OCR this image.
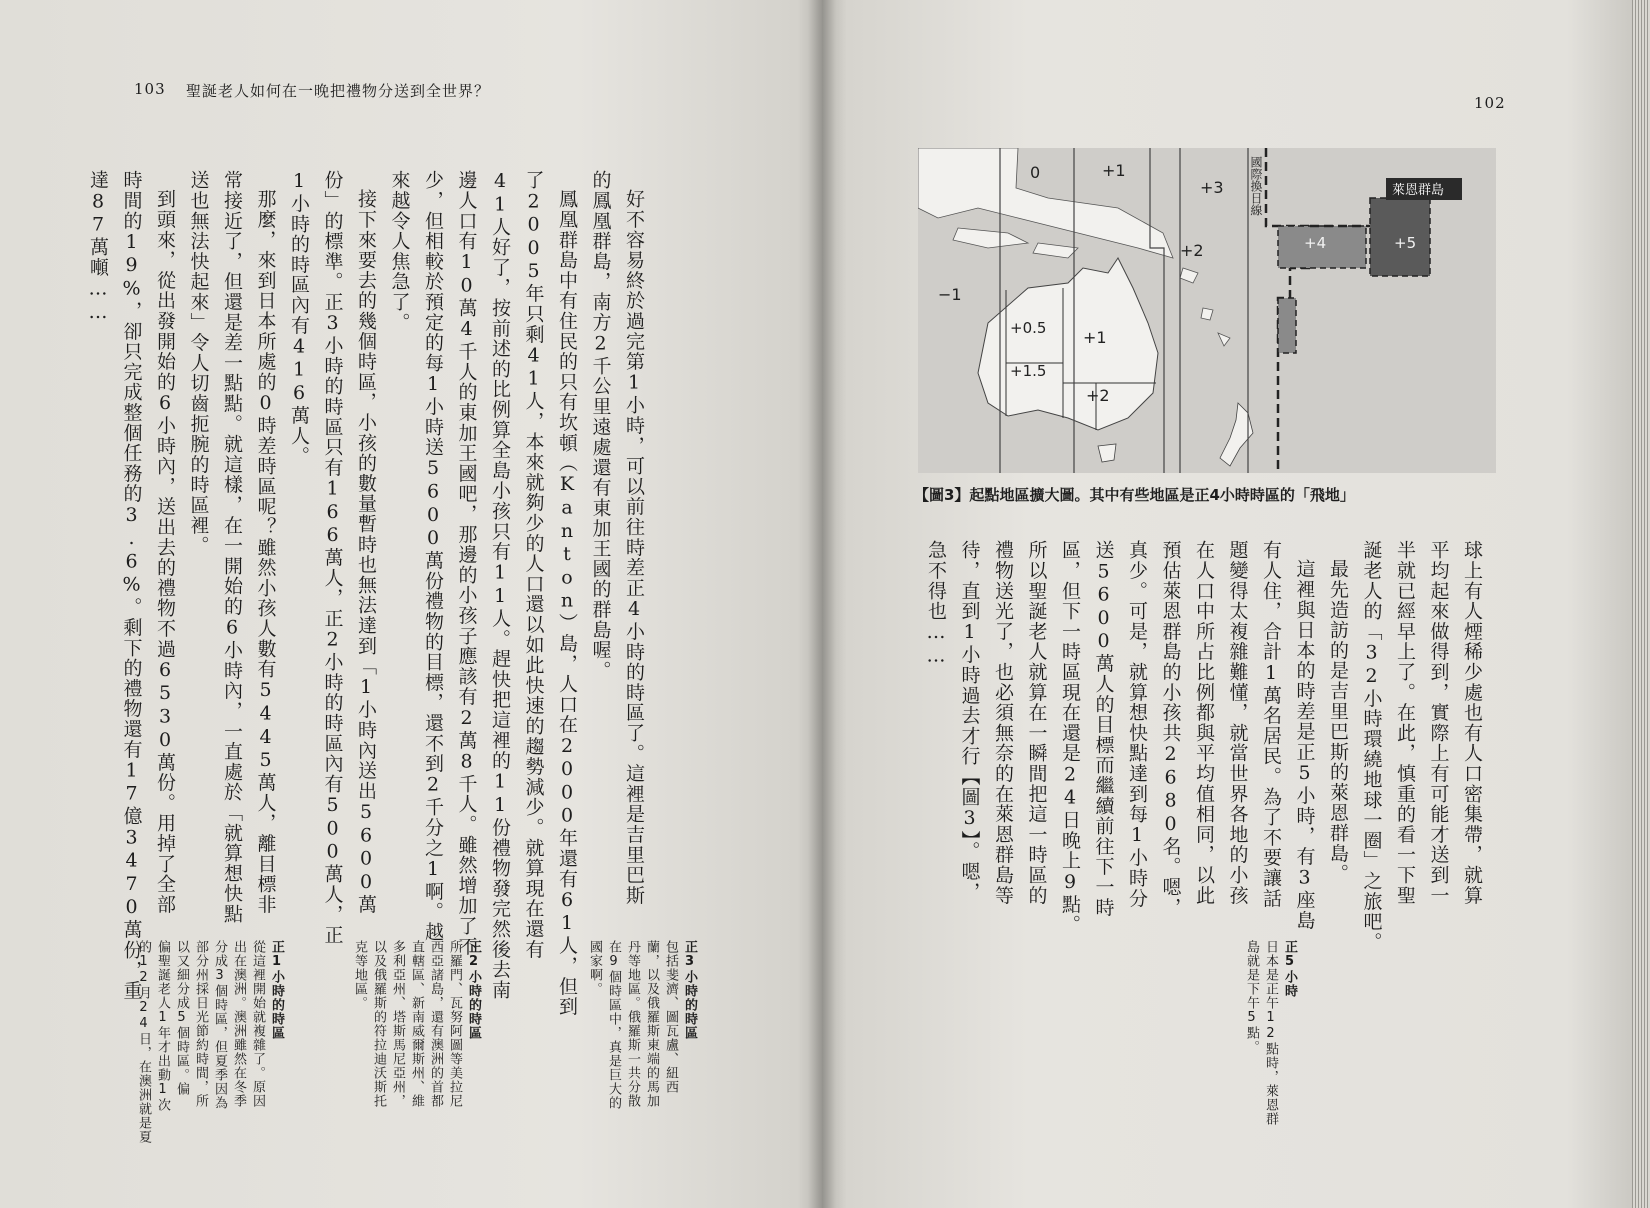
103 聖誕老人如何在一晚把禮物分送到全世界？

好不容易終於過完第1小時，可以前往時差正4小時的時區了。這裡是吉里巴斯

的鳳凰群島，南方2千公里遠處還有東加王國的群島喔。

鳳凰群島中有住民的只有坎頓（Kanton）島，人口在2000年還有61人，但到

了2005年只剩41人，本來就夠少的人口還以如此快速的趨勢減少。就算現在還有

41人好了，按前述的比例算全島小孩只有11人。趕快把這裡的11份禮物發完然後去南

邊人口有10萬4千人的東加王國吧，那邊的小孩子應該有2萬8千人。雖然增加了不

少，但相較於預定的每1小時送5600萬份禮物的目標，還不到2千分之1啊。越

來越令人焦急了。

接下來要去的幾個時區，小孩的數量暫時也無法達到「1小時內送出5600萬

份」的標準。正3小時的時區只有166萬人，正2小時的時區內有500萬人，正

1小時的時區內有416萬人。

那麼，來到日本所處的0時差時區呢？雖然小孩人數有5445萬人，離目標非

常接近了，但還是差一點點。就這樣，在一開始的6小時內，一直處於「就算想快點

送也無法快起來」令人切齒扼腕的時區裡。

到頭來，從出發開始的6小時內，送出去的禮物不過6530萬份。用掉了全部

時間的19%，卻只完成整個任務的3.6%。剩下的禮物還有17億3470萬份，重

達87萬噸……

正3小時的時區
包括斐濟、圖瓦盧、紐西
蘭，以及俄羅斯東端的馬加
丹等地區。俄羅斯一共分散
在9個時區中，真是巨大的
國家啊。
正2小時的時區
所羅門、瓦努阿圖等美拉尼
西亞諸島，還有澳洲的首都
直轄區、新南威爾斯州、維
多利亞州、塔斯馬尼亞州，
以及俄羅斯的符拉迪沃斯托
克等地區。
正1小時的時區
從這裡開始就複雜了。原因
出在澳洲。澳洲雖然在冬季
分成3個時區，但夏季因為
部分州採日光節約時間，所
以又細分成5個時區。偏
偏聖誕老人1年才出動1次
的12月24日，在澳洲就是夏
102
0	+1
+3
+2
−1
+0.5 +1
+1.5
+2
+4	+5
國際換日線	萊恩群島
【圖3】起點地區擴大圖。其中有些地區是正4小時時區的「飛地」

球上有人煙稀少處也有人口密集帶，就算

平均起來做得到，實際上有可能才送到一

半就已經早上了。在此，慎重的看一下聖

誕老人的「32小時環繞地球一圈」之旅吧。

最先造訪的是吉里巴斯的萊恩群島。

這裡與日本的時差是正5小時，有3座島

有人住，合計1萬名居民。為了不要讓話

題變得太複雜難懂，就當世界各地的小孩

在人口中所占比例都與平均值相同，以此

預估萊恩群島的小孩共2680名。嗯，

真少。可是，就算想快點達到每1小時分

送5600萬人的目標而繼續前往下一時

區，但下一時區現在還是24日晚上9點。

所以聖誕老人就算在一瞬間把這一時區的

禮物送光了，也必須無奈的在萊恩群島等

待，直到1小時過去才行【圖3】。嗯，

急不得也……

正5小時
日本是正午12點時，萊恩群
島就是下午5點。
